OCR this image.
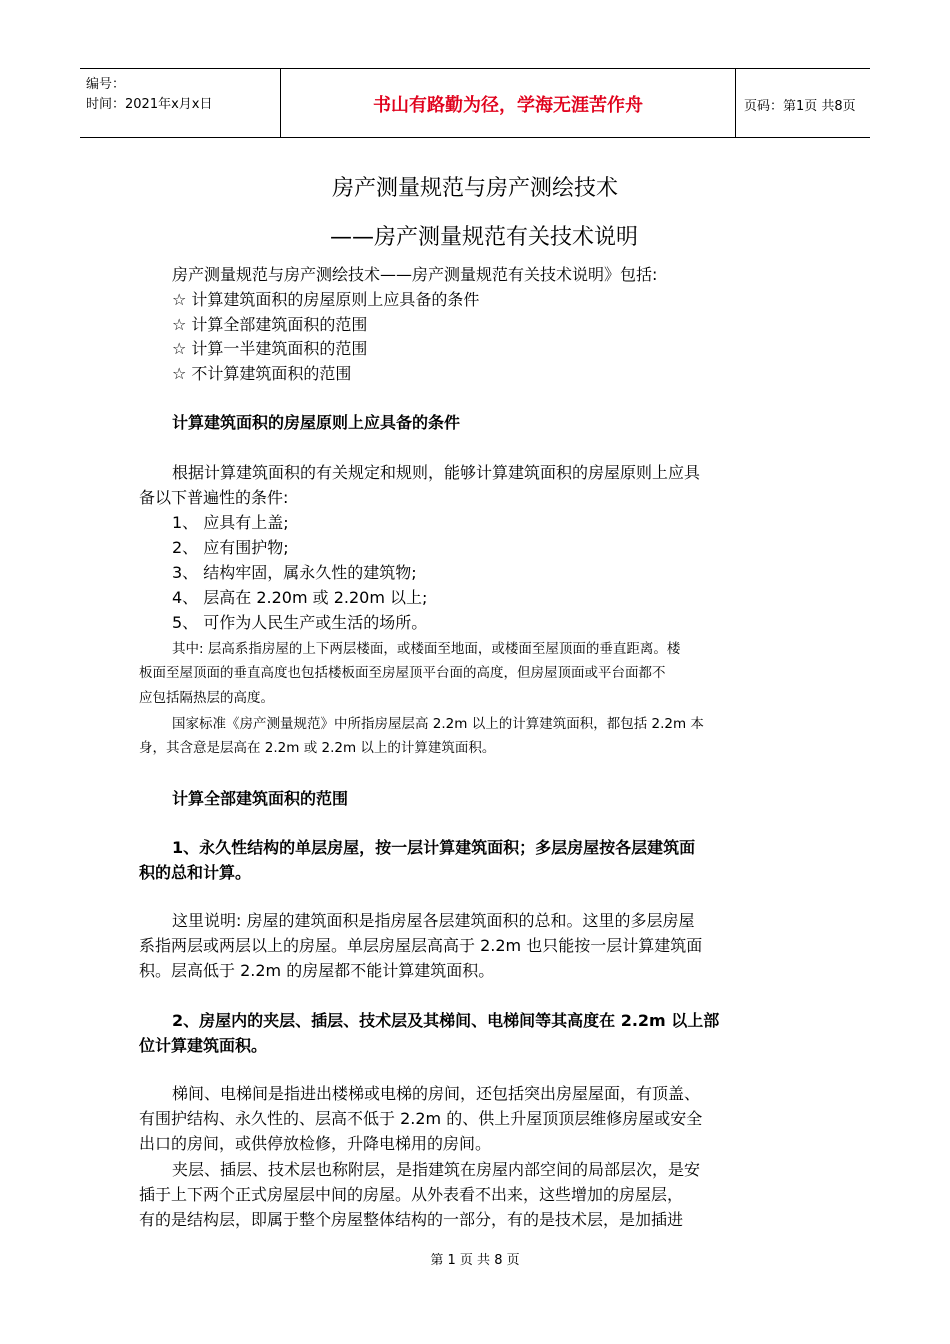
编号：
时间：2021年x月x日	书山有路勤为径，学海无涯苦作舟	页码：第1页 共8页
房产测量规范与房产测绘技术
——房产测量规范有关技术说明
房产测量规范与房产测绘技术——房产测量规范有关技术说明》包括:
☆ 计算建筑面积的房屋原则上应具备的条件
☆ 计算全部建筑面积的范围
☆ 计算一半建筑面积的范围
☆ 不计算建筑面积的范围
计算建筑面积的房屋原则上应具备的条件
根据计算建筑面积的有关规定和规则，能够计算建筑面积的房屋原则上应具
备以下普遍性的条件:
1、 应具有上盖;
2、 应有围护物;
3、 结构牢固，属永久性的建筑物;
4、 层高在 2.20m 或 2.20m 以上;
5、 可作为人民生产或生活的场所。
其中: 层高系指房屋的上下两层楼面，或楼面至地面，或楼面至屋顶面的垂直距离。楼
板面至屋顶面的垂直高度也包括楼板面至房屋顶平台面的高度，但房屋顶面或平台面都不
应包括隔热层的高度。
国家标准《房产测量规范》中所指房屋层高 2.2m 以上的计算建筑面积，都包括 2.2m 本
身，其含意是层高在 2.2m 或 2.2m 以上的计算建筑面积。
计算全部建筑面积的范围
1、永久性结构的单层房屋，按一层计算建筑面积；多层房屋按各层建筑面
积的总和计算。
这里说明: 房屋的建筑面积是指房屋各层建筑面积的总和。这里的多层房屋
系指两层或两层以上的房屋。单层房屋层高高于 2.2m 也只能按一层计算建筑面
积。层高低于 2.2m 的房屋都不能计算建筑面积。
2、房屋内的夹层、插层、技术层及其梯间、电梯间等其高度在 2.2m 以上部
位计算建筑面积。
梯间、电梯间是指进出楼梯或电梯的房间，还包括突出房屋屋面，有顶盖、
有围护结构、永久性的、层高不低于 2.2m 的、供上升屋顶顶层维修房屋或安全
出口的房间，或供停放检修，升降电梯用的房间。
夹层、插层、技术层也称附层，是指建筑在房屋内部空间的局部层次，是安
插于上下两个正式房屋层中间的房屋。从外表看不出来，这些增加的房屋层，
有的是结构层，即属于整个房屋整体结构的一部分，有的是技术层，是加插进
第 1 页 共 8 页
